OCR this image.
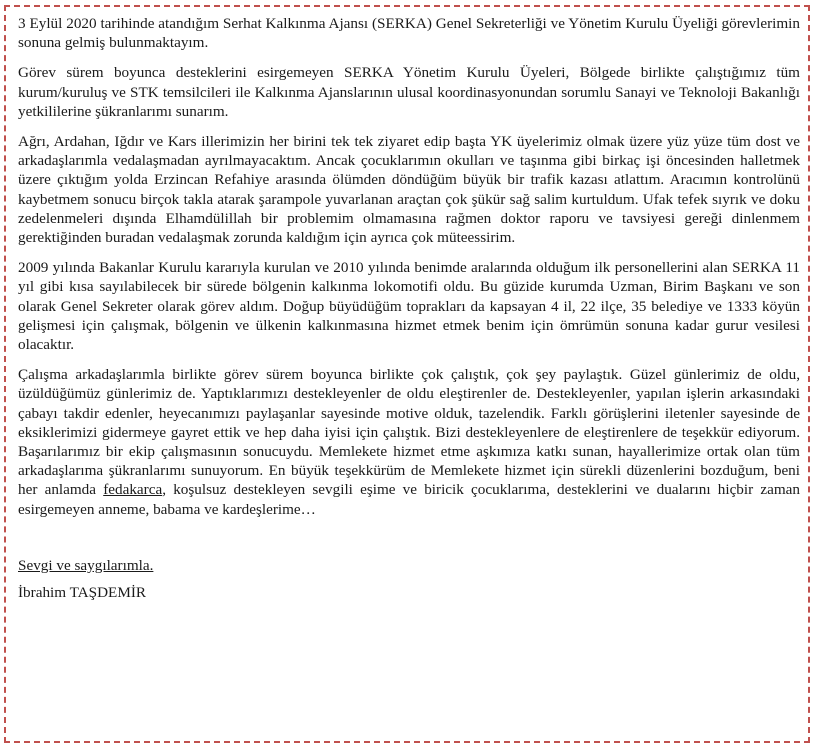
3 Eylül 2020 tarihinde atandığım Serhat Kalkınma Ajansı (SERKA) Genel Sekreterliği ve Yönetim Kurulu Üyeliği görevlerimin sonuna gelmiş bulunmaktayım.

Görev sürem boyunca desteklerini esirgemeyen SERKA Yönetim Kurulu Üyeleri, Bölgede birlikte çalıştığımız tüm kurum/kuruluş ve STK temsilcileri ile Kalkınma Ajanslarının ulusal koordinasyonundan sorumlu Sanayi ve Teknoloji Bakanlığı yetkililerine şükranlarımı sunarım.

Ağrı, Ardahan, Iğdır ve Kars illerimizin her birini tek tek ziyaret edip başta YK üyelerimiz olmak üzere yüz yüze tüm dost ve arkadaşlarımla vedalaşmadan ayrılmayacaktım. Ancak çocuklarımın okulları ve taşınma gibi birkaç işi öncesinden halletmek üzere çıktığım yolda Erzincan Refahiye arasında ölümden döndüğüm büyük bir trafik kazası atlattım. Aracımın kontrolünü kaybetmem sonucu birçok takla atarak şarampole yuvarlanan araçtan çok şükür sağ salim kurtuldum. Ufak tefek sıyrık ve doku zedelenmeleri dışında Elhamdülillah bir problemim olmamasına rağmen doktor raporu ve tavsiyesi gereği dinlenmem gerektiğinden buradan vedalaşmak zorunda kaldığım için ayrıca çok müteessirim.

2009 yılında Bakanlar Kurulu kararıyla kurulan ve 2010 yılında benimde aralarında olduğum ilk personellerini alan SERKA 11 yıl gibi kısa sayılabilecek bir süredе bölgenin kalkınma lokomotifi oldu. Bu güzide kurumda Uzman, Birim Başkanı ve son olarak Genel Sekreter olarak görev aldım. Doğup büyüdüğüm toprakları da kapsayan 4 il, 22 ilçe, 35 belediye ve 1333 köyün gelişmesi için çalışmak, bölgenin ve ülkenin kalkınmasına hizmet etmek benim için ömrümün sonuna kadar gurur vesilesi olacaktır.

Çalışma arkadaşlarımla birlikte görev sürem boyunca birlikte çok çalıştık, çok şey paylaştık. Güzel günlerimiz de oldu, üzüldüğümüz günlerimiz de. Yaptıklarımızı destekleyenler de oldu eleştirenler de. Destekleyenler, yapılan işlerin arkasındaki çabayı takdir edenler, heyecanımızı paylaşanlar sayesinde motive olduk, tazelendik. Farklı görüşlerini iletenler sayesinde de eksiklerimizi gidermeye gayret ettik ve hep daha iyisi için çalıştık. Bizi destekleyenlere de eleştirenlere de teşekkür ediyorum. Başarılarımız bir ekip çalışmasının sonucuydu. Memlekete hizmet etme aşkımıza katkı sunan, hayallerimize ortak olan tüm arkadaşlarıma şükranlarımı sunuyorum. En büyük teşekkürüm de Memlekete hizmet için sürekli düzenlerini bozduğum, beni her anlamda fedakarca, koşulsuz destekleyen sevgili eşime ve biricik çocuklarıma, desteklerini ve dualarını hiçbir zaman esirgemeyen anneme, babama ve kardeşlerime…

Sevgi ve saygılarımla.
İbrahim TAŞDEMİR
